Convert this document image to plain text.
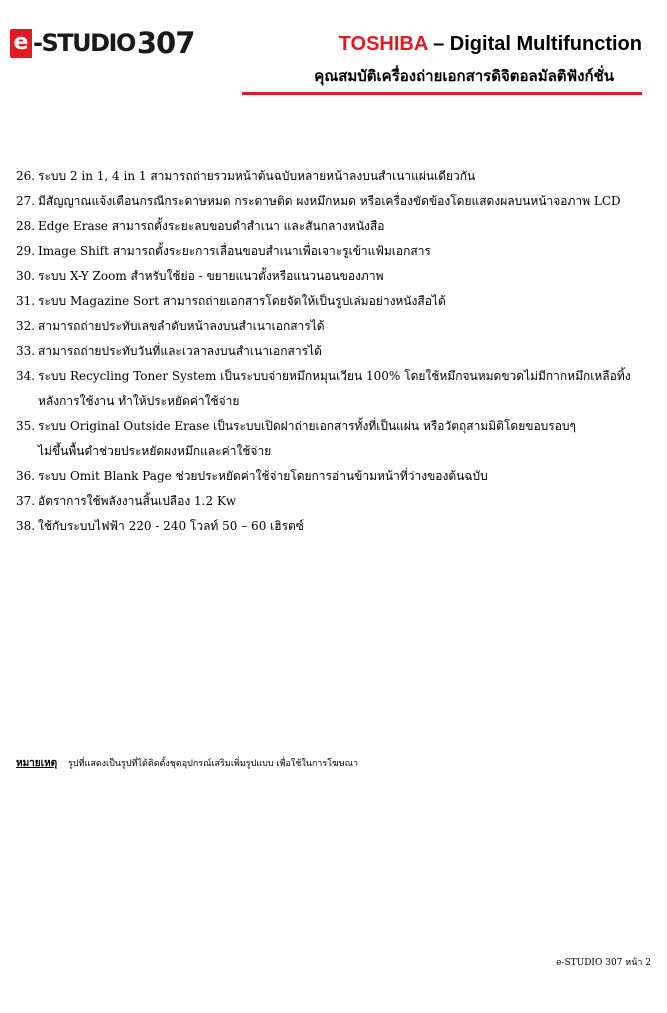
e -STUDIO 307	TOSHIBA – Digital Multifunction
คุณสมบัติเครื่องถ่ายเอกสารดิจิตอลมัลติฟังก์ชั่น
26. ระบบ 2 in 1, 4 in 1 สามารถถ่ายรวมหน้าต้นฉบับหลายหน้าลงบนสำเนาแผ่นเดียวกัน
27. มีสัญญาณแจ้งเตือนกรณีกระดาษหมด กระดาษติด ผงหมึกหมด หรือเครื่องขัดข้องโดยแสดงผลบนหน้าจอภาพ LCD
28. Edge Erase สามารถตั้งระยะลบขอบดำสำเนา และสันกลางหนังสือ
29. Image Shift สามารถตั้งระยะการเลื่อนขอบสำเนาเพื่อเจาะรูเข้าแฟ้มเอกสาร
30. ระบบ X-Y Zoom สำหรับใช้ย่อ - ขยายแนวตั้งหรือแนวนอนของภาพ
31. ระบบ Magazine Sort สามารถถ่ายเอกสารโดยจัดให้เป็นรูปเล่มอย่างหนังสือได้
32. สามารถถ่ายประทับเลขลำดับหน้าลงบนสำเนาเอกสารได้
33. สามารถถ่ายประทับวันที่และเวลาลงบนสำเนาเอกสารได้
34. ระบบ Recycling Toner System เป็นระบบจ่ายหมึกหมุนเวียน 100% โดยใช้หมึกจนหมดขวดไม่มีกากหมึกเหลือทิ้ง
หลังการใช้งาน ทำให้ประหยัดค่าใช้จ่าย
35. ระบบ Original Outside Erase เป็นระบบเปิดฝาถ่ายเอกสารทั้งที่เป็นแผ่น หรือวัตถุสามมิติโดยขอบรอบๆ
ไม่ขึ้นพื้นดำช่วยประหยัดผงหมึกและค่าใช้จ่าย
36. ระบบ Omit Blank Page ช่วยประหยัดค่าใช้จ่ายโดยการอ่านข้ามหน้าที่ว่างของต้นฉบับ
37. อัตราการใช้พลังงานสิ้นเปลือง 1.2 Kw
38. ใช้กับระบบไฟฟ้า 220 - 240 โวลท์ 50 – 60 เฮิรตซ์
หมายเหตุ รูปที่แสดงเป็นรูปที่ได้ติดตั้งชุดอุปกรณ์เสริมเพิ่มรูปแบบ เพื่อใช้ในการโฆษณา
e-STUDIO 307 หน้า 2
